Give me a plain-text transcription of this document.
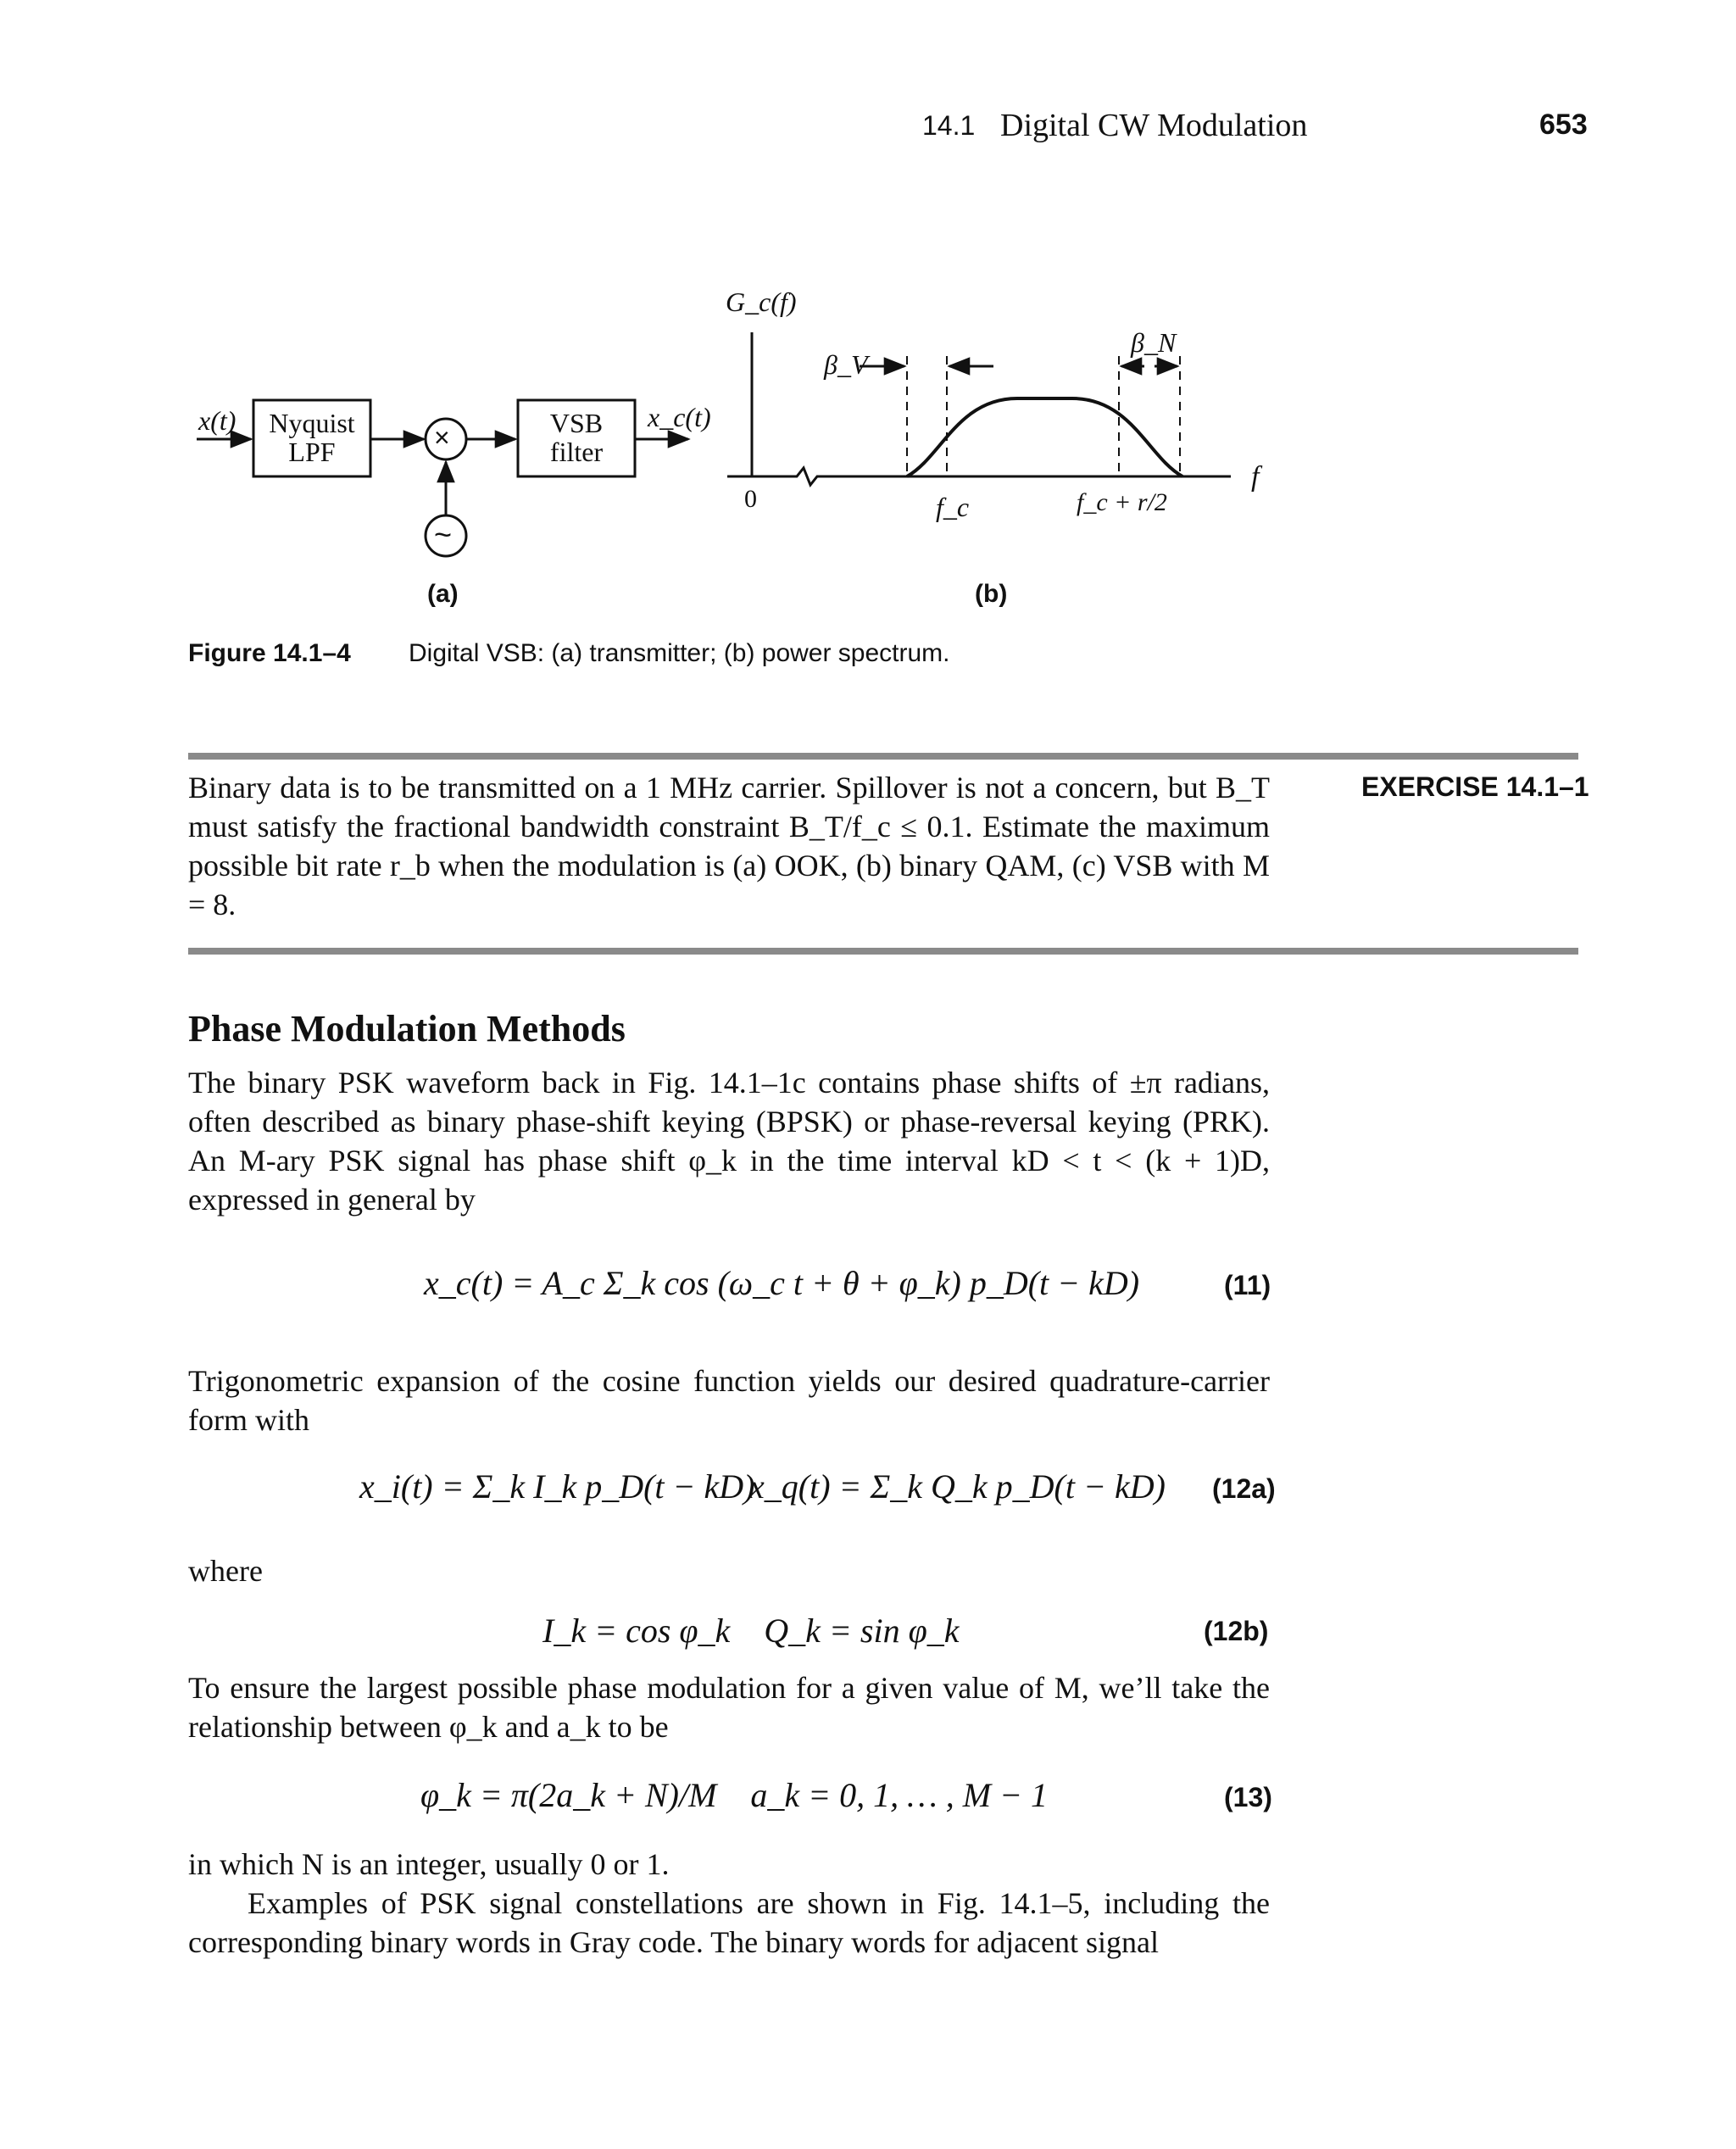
14.1 Digital CW Modulation	653
x(t)	Nyquist
LPF	×
~
VSB
filter
x_c(t)
(a)
G_c(f)
β_V
β_N
0	f_c	f_c + r/2
f
(b)
Figure 14.1–4 Digital VSB: (a) transmitter; (b) power spectrum.
Binary data is to be transmitted on a 1 MHz carrier. Spillover is not a concern, but B_T must satisfy the fractional bandwidth constraint B_T/f_c ≤ 0.1. Estimate the maximum possible bit rate r_b when the modulation is (a) OOK, (b) binary QAM, (c) VSB with M = 8.
EXERCISE 14.1–1
Phase Modulation Methods
The binary PSK waveform back in Fig. 14.1–1c contains phase shifts of ±π radians, often described as binary phase-shift keying (BPSK) or phase-reversal keying (PRK). An M-ary PSK signal has phase shift φ_k in the time interval kD < t < (k + 1)D, expressed in general by
x_c(t) = A_c Σ_k cos (ω_c t + θ + φ_k) p_D(t − kD)	(11)
Trigonometric expansion of the cosine function yields our desired quadrature-carrier form with
x_i(t) = Σ_k I_k p_D(t − kD)
x_q(t) = Σ_k Q_k p_D(t − kD) (12a)
where
I_k = cos φ_k    Q_k = sin φ_k	(12b)
To ensure the largest possible phase modulation for a given value of M, we’ll take the relationship between φ_k and a_k to be
φ_k = π(2a_k + N)/M    a_k = 0, 1, … , M − 1	(13)
in which N is an integer, usually 0 or 1.
Examples of PSK signal constellations are shown in Fig. 14.1–5, including the corresponding binary words in Gray code. The binary words for adjacent signal
